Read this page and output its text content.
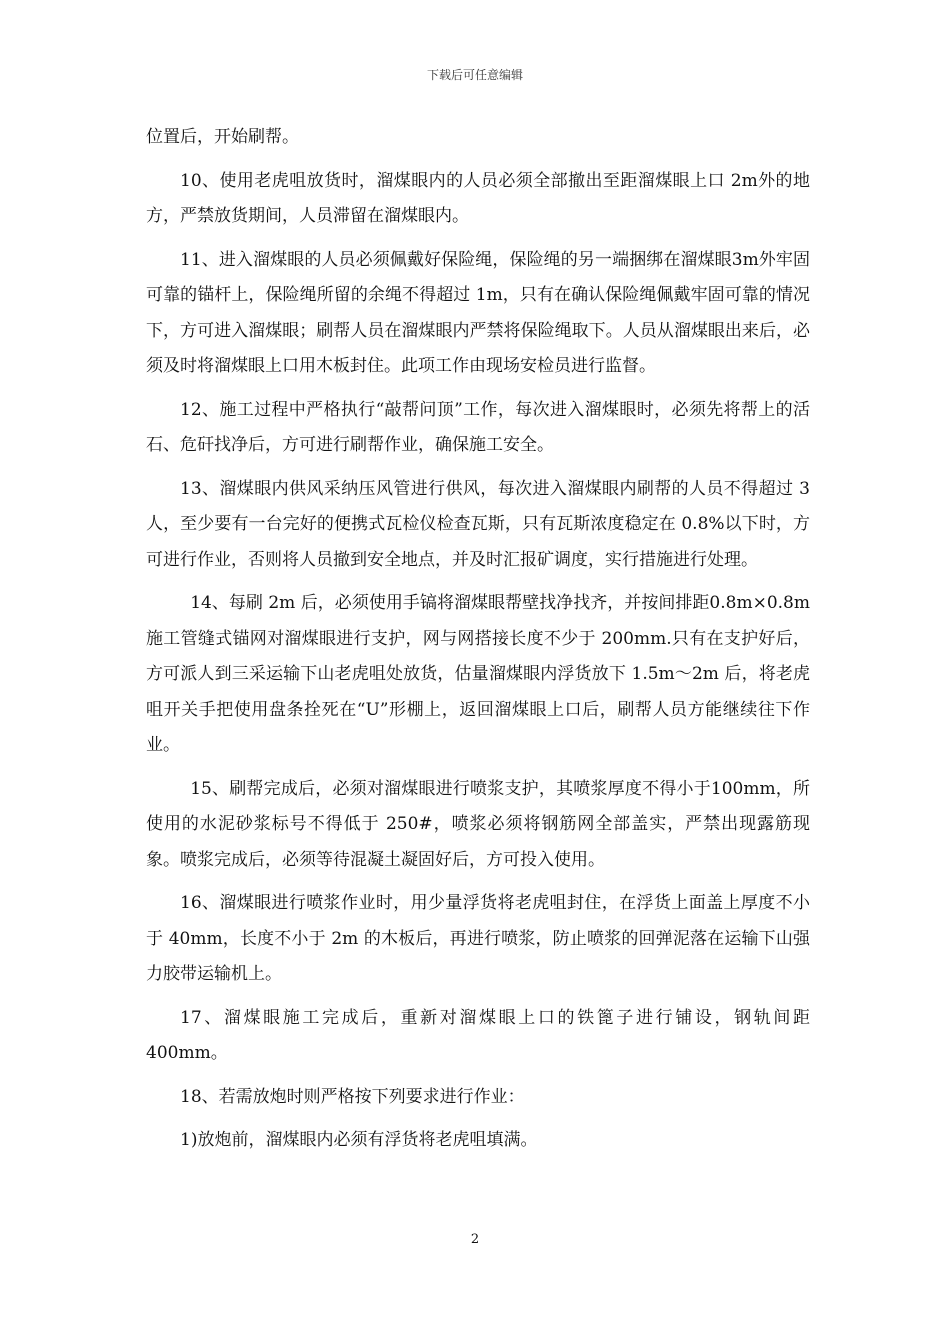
下载后可任意编辑

位置后，开始刷帮。

10、使用老虎咀放货时，溜煤眼内的人员必须全部撤出至距溜煤眼上口 2m外的地方，严禁放货期间，人员滞留在溜煤眼内。

11、进入溜煤眼的人员必须佩戴好保险绳，保险绳的另一端捆绑在溜煤眼3m外牢固可靠的锚杆上，保险绳所留的余绳不得超过 1m，只有在确认保险绳佩戴牢固可靠的情况下，方可进入溜煤眼；刷帮人员在溜煤眼内严禁将保险绳取下。人员从溜煤眼出来后，必须及时将溜煤眼上口用木板封住。此项工作由现场安检员进行监督。

12、施工过程中严格执行“敲帮问顶”工作，每次进入溜煤眼时，必须先将帮上的活石、危矸找净后，方可进行刷帮作业，确保施工安全。

13、溜煤眼内供风采纳压风管进行供风，每次进入溜煤眼内刷帮的人员不得超过 3 人，至少要有一台完好的便携式瓦检仪检查瓦斯，只有瓦斯浓度稳定在 0.8%以下时，方可进行作业，否则将人员撤到安全地点，并及时汇报矿调度，实行措施进行处理。

14、每刷 2m 后，必须使用手镐将溜煤眼帮壁找净找齐，并按间排距0.8m×0.8m 施工管缝式锚网对溜煤眼进行支护，网与网搭接长度不少于 200mm.只有在支护好后，方可派人到三采运输下山老虎咀处放货，估量溜煤眼内浮货放下 1.5m～2m 后，将老虎咀开关手把使用盘条拴死在“U”形棚上，返回溜煤眼上口后，刷帮人员方能继续往下作业。

15、刷帮完成后，必须对溜煤眼进行喷浆支护，其喷浆厚度不得小于100mm，所使用的水泥砂浆标号不得低于 250#，喷浆必须将钢筋网全部盖实，严禁出现露筋现象。喷浆完成后，必须等待混凝土凝固好后，方可投入使用。

16、溜煤眼进行喷浆作业时，用少量浮货将老虎咀封住，在浮货上面盖上厚度不小于 40mm，长度不小于 2m 的木板后，再进行喷浆，防止喷浆的回弹泥落在运输下山强力胶带运输机上。

17、溜煤眼施工完成后，重新对溜煤眼上口的铁篦子进行铺设，钢轨间距400mm。

18、若需放炮时则严格按下列要求进行作业：

1)放炮前，溜煤眼内必须有浮货将老虎咀填满。

2
